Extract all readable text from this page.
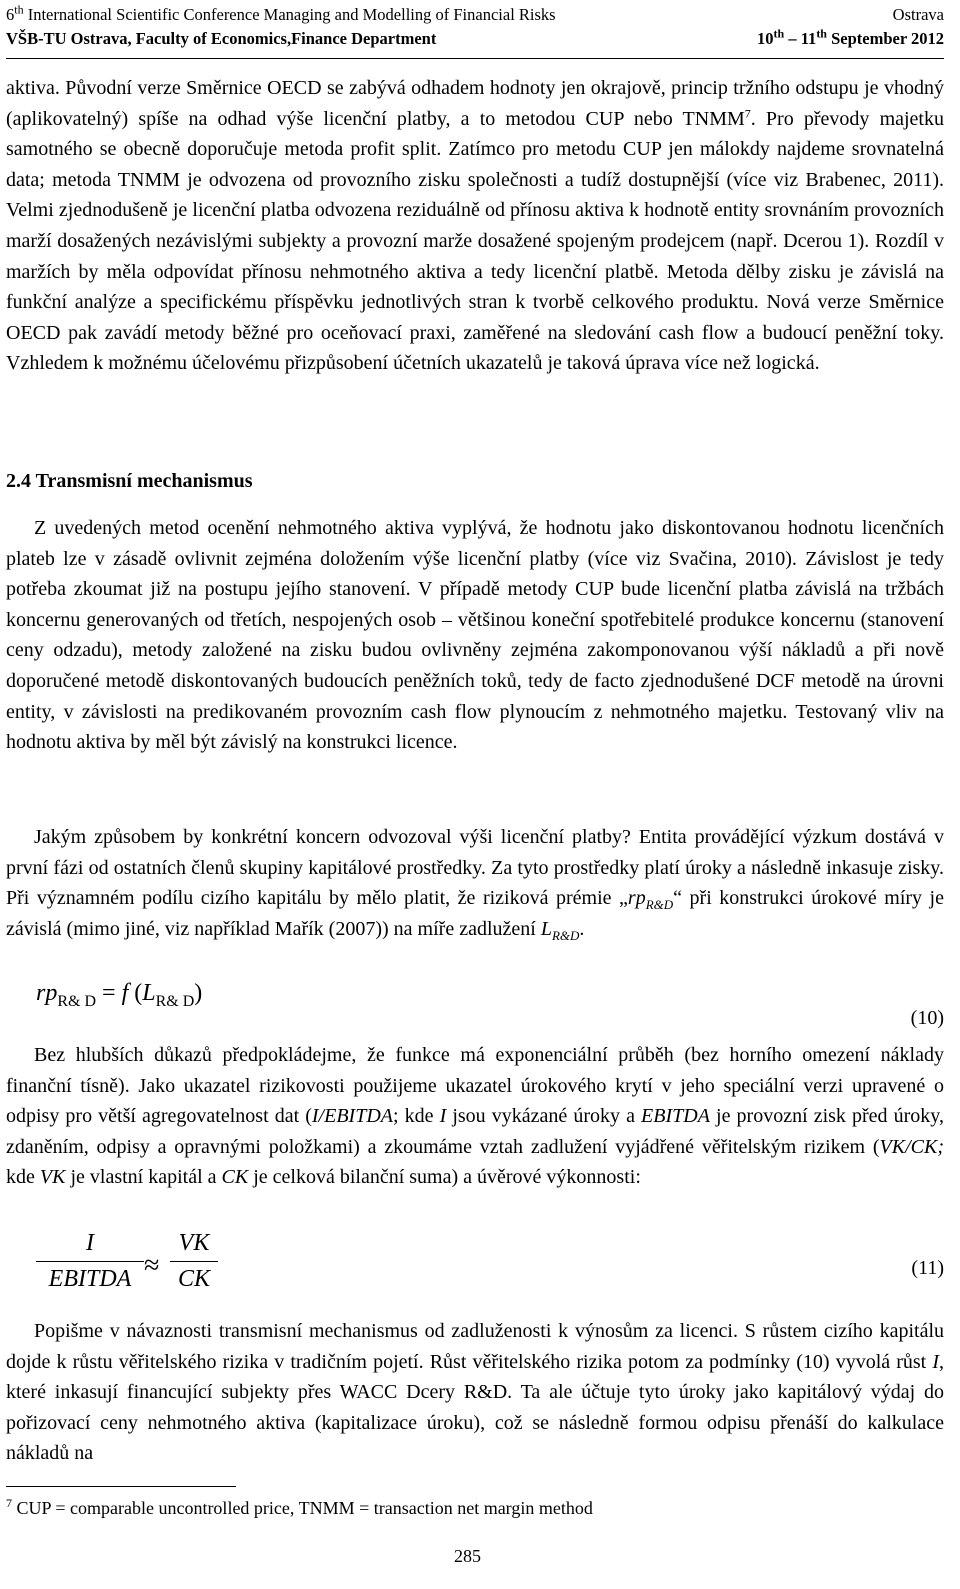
6th International Scientific Conference Managing and Modelling of Financial Risks	Ostrava
VŠB-TU Ostrava, Faculty of Economics,Finance Department	10th – 11th September 2012
aktiva. Původní verze Směrnice OECD se zabývá odhadem hodnoty jen okrajově, princip tržního odstupu je vhodný (aplikovatelný) spíše na odhad výše licenční platby, a to metodou CUP nebo TNMM$^7$. Pro převody majetku samotného se obecně doporučuje metoda profit split. Zatímco pro metodu CUP jen málokdy najdeme srovnatelná data; metoda TNMM je odvozena od provozního zisku společnosti a tudíž dostupnější (více viz Brabenec, 2011). Velmi zjednodušeně je licenční platba odvozena reziduálně od přínosu aktiva k hodnotě entity srovnáním provozních marží dosažených nezávislými subjekty a provozní marže dosažené spojeným prodejcem (např. Dcerou 1). Rozdíl v maržích by měla odpovídat přínosu nehmotného aktiva a tedy licenční platbě. Metoda dělby zisku je závislá na funkční analýze a specifickému příspěvku jednotlivých stran k tvorbě celkového produktu. Nová verze Směrnice OECD pak zavádí metody běžné pro oceňovací praxi, zaměřené na sledování cash flow a budoucí peněžní toky. Vzhledem k možnému účelovému přizpůsobení účetních ukazatelů je taková úprava více než logická.
2.4 Transmisní mechanismus
Z uvedených metod ocenění nehmotného aktiva vyplývá, že hodnotu jako diskontovanou hodnotu licenčních plateb lze v zásadě ovlivnit zejména doložením výše licenční platby (více viz Svačina, 2010). Závislost je tedy potřeba zkoumat již na postupu jejího stanovení. V případě metody CUP bude licenční platba závislá na tržbách koncernu generovaných od třetích, nespojených osob – většinou koneční spotřebitelé produkce koncernu (stanovení ceny odzadu), metody založené na zisku budou ovlivněny zejména zakomponovanou výší nákladů a při nově doporučené metodě diskontovaných budoucích peněžních toků, tedy de facto zjednodušené DCF metodě na úrovni entity, v závislosti na predikovaném provozním cash flow plynoucím z nehmotného majetku. Testovaný vliv na hodnotu aktiva by měl být závislý na konstrukci licence.
Jakým způsobem by konkrétní koncern odvozoval výši licenční platby? Entita provádějící výzkum dostává v první fázi od ostatních členů skupiny kapitálové prostředky. Za tyto prostředky platí úroky a následně inkasuje zisky. Při významném podílu cizího kapitálu by mělo platit, že riziková prémie $„rp_{R\&D}“$ při konstrukci úrokové míry je závislá (mimo jiné, viz například Mařík (2007)) na míře zadlužení $L_{R\&D}$.
$rp_{R\& D} = f$ $(L_{R\& D})$
(10)
Bez hlubších důkazů předpokládejme, že funkce má exponenciální průběh (bez horního omezení náklady finanční tísně). Jako ukazatel rizikovosti použijeme ukazatel úrokového krytí v jeho speciální verzi upravené o odpisy pro větší agregovatelnost dat (I/EBITDA; kde I jsou vykázané úroky a EBITDA je provozní zisk před úroky, zdaněním, odpisy a opravnými položkami) a zkoumáme vztah zadlužení vyjádřené věřitelským rizikem (VK/CK; kde VK je vlastní kapitál a CK je celková bilanční suma) a úvěrové výkonnosti:
I
EBITDA ≈ $\frac{VK}{CK}$	(11)
Popišme v návaznosti transmisní mechanismus od zadluženosti k výnosům za licenci. S růstem cizího kapitálu dojde k růstu věřitelského rizika v tradičním pojetí. Růst věřitelského rizika potom za podmínky (10) vyvolá růst I, které inkasují financující subjekty přes WACC Dcery R&D. Ta ale účtuje tyto úroky jako kapitálový výdaj do pořizovací ceny nehmotného aktiva (kapitalizace úroku), což se následně formou odpisu přenáší do kalkulace nákladů na
$^7$ CUP = comparable uncontrolled price, TNMM = transaction net margin method
285
